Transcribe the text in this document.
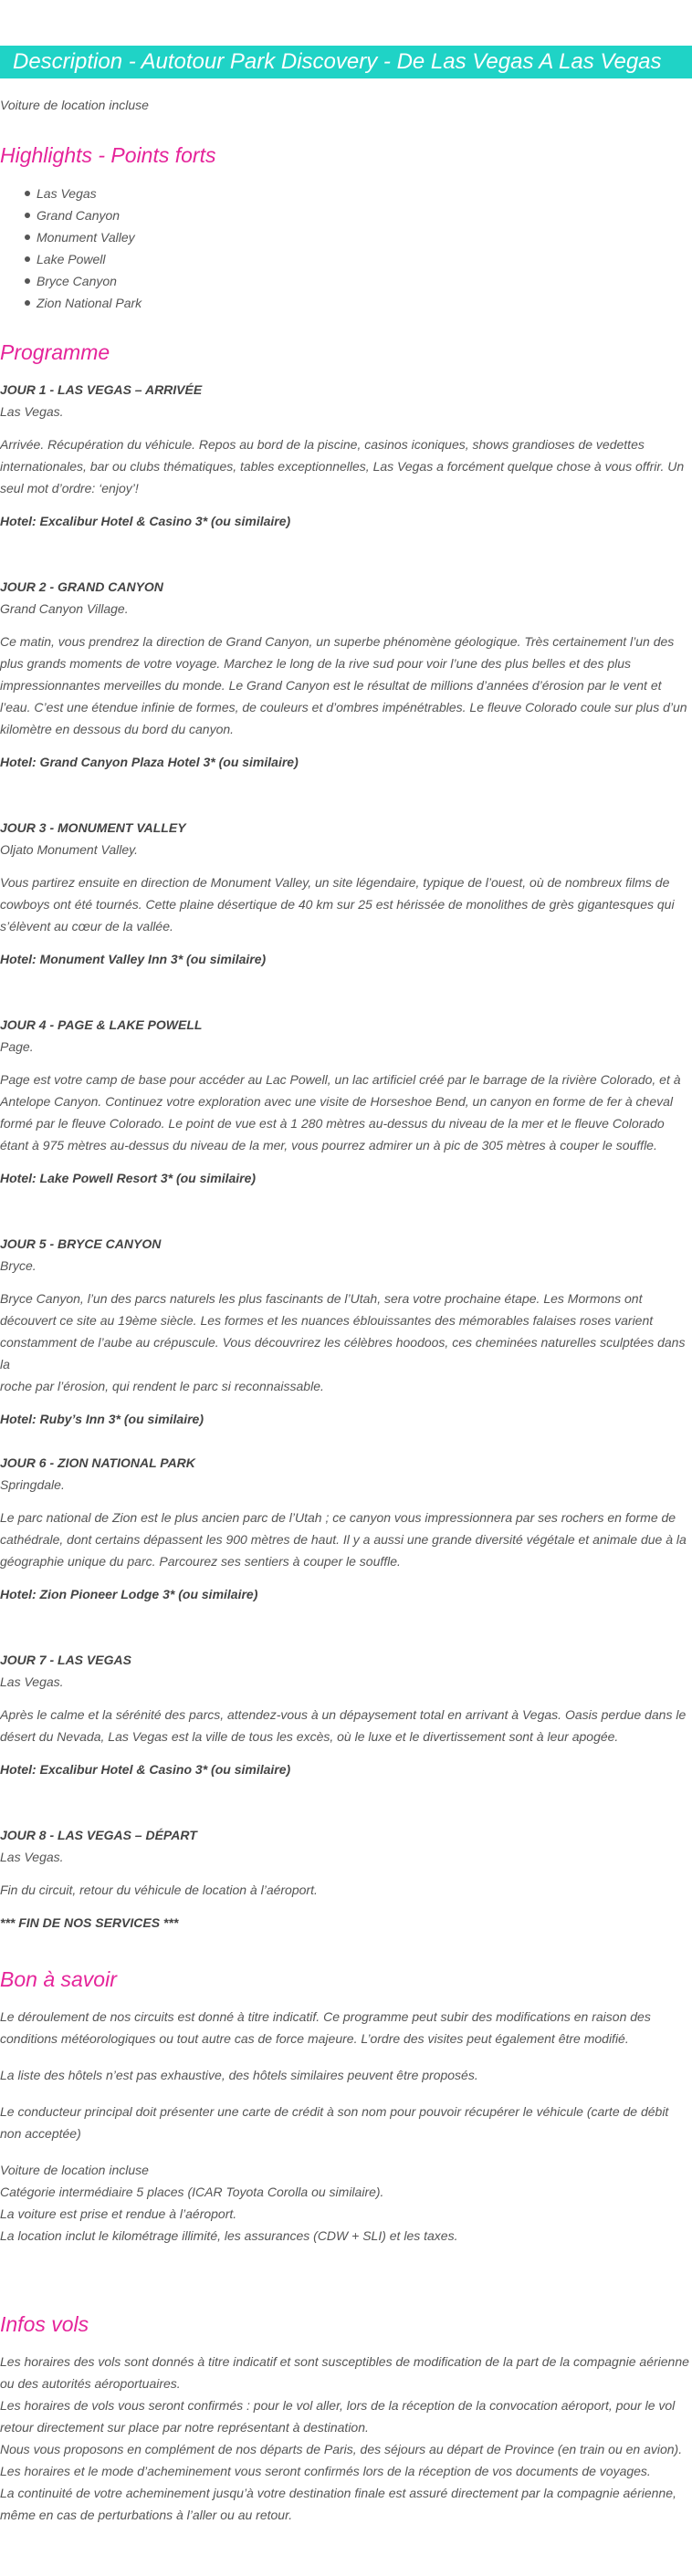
Description - Autotour Park Discovery - De Las Vegas A Las Vegas
Voiture de location incluse
Highlights - Points forts
Las Vegas
Grand Canyon
Monument Valley
Lake Powell
Bryce Canyon
Zion National Park
Programme
JOUR 1 - LAS VEGAS – ARRIVÉE
Las Vegas.
Arrivée. Récupération du véhicule. Repos au bord de la piscine, casinos iconiques, shows grandioses de vedettes
internationales, bar ou clubs thématiques, tables exceptionnelles, Las Vegas a forcément quelque chose à vous offrir. Un
seul mot d’ordre: ‘enjoy’!
Hotel: Excalibur Hotel & Casino 3* (ou similaire)
JOUR 2 - GRAND CANYON
Grand Canyon Village.
Ce matin, vous prendrez la direction de Grand Canyon, un superbe phénomène géologique. Très certainement l’un des
plus grands moments de votre voyage. Marchez le long de la rive sud pour voir l’une des plus belles et des plus
impressionnantes merveilles du monde. Le Grand Canyon est le résultat de millions d’années d’érosion par le vent et
l’eau. C’est une étendue infinie de formes, de couleurs et d’ombres impénétrables. Le fleuve Colorado coule sur plus d’un
kilomètre en dessous du bord du canyon.
Hotel: Grand Canyon Plaza Hotel 3* (ou similaire)
JOUR 3 - MONUMENT VALLEY
Oljato Monument Valley.
Vous partirez ensuite en direction de Monument Valley, un site légendaire, typique de l’ouest, où de nombreux films de
cowboys ont été tournés. Cette plaine désertique de 40 km sur 25 est hérissée de monolithes de grès gigantesques qui
s’élèvent au cœur de la vallée.
Hotel: Monument Valley Inn 3* (ou similaire)
JOUR 4 - PAGE & LAKE POWELL
Page.
Page est votre camp de base pour accéder au Lac Powell, un lac artificiel créé par le barrage de la rivière Colorado, et à
Antelope Canyon. Continuez votre exploration avec une visite de Horseshoe Bend, un canyon en forme de fer à cheval
formé par le fleuve Colorado. Le point de vue est à 1 280 mètres au-dessus du niveau de la mer et le fleuve Colorado
étant à 975 mètres au-dessus du niveau de la mer, vous pourrez admirer un à pic de 305 mètres à couper le souffle.
Hotel: Lake Powell Resort 3* (ou similaire)
JOUR 5 - BRYCE CANYON
Bryce.
Bryce Canyon, l’un des parcs naturels les plus fascinants de l’Utah, sera votre prochaine étape. Les Mormons ont
découvert ce site au 19ème siècle. Les formes et les nuances éblouissantes des mémorables falaises roses varient
constamment de l’aube au crépuscule. Vous découvrirez les célèbres hoodoos, ces cheminées naturelles sculptées dans la
roche par l’érosion, qui rendent le parc si reconnaissable.
Hotel: Ruby’s Inn 3* (ou similaire)
JOUR 6 - ZION NATIONAL PARK
Springdale.
Le parc national de Zion est le plus ancien parc de l’Utah ; ce canyon vous impressionnera par ses rochers en forme de
cathédrale, dont certains dépassent les 900 mètres de haut. Il y a aussi une grande diversité végétale et animale due à la
géographie unique du parc. Parcourez ses sentiers à couper le souffle.
Hotel: Zion Pioneer Lodge 3* (ou similaire)
JOUR 7 - LAS VEGAS
Las Vegas.
Après le calme et la sérénité des parcs, attendez-vous à un dépaysement total en arrivant à Vegas. Oasis perdue dans le
désert du Nevada, Las Vegas est la ville de tous les excès, où le luxe et le divertissement sont à leur apogée.
Hotel: Excalibur Hotel & Casino 3* (ou similaire)
JOUR 8 - LAS VEGAS – DÉPART
Las Vegas.
Fin du circuit, retour du véhicule de location à l’aéroport.
*** FIN DE NOS SERVICES ***
Bon à savoir
Le déroulement de nos circuits est donné à titre indicatif. Ce programme peut subir des modifications en raison des
conditions météorologiques ou tout autre cas de force majeure. L’ordre des visites peut également être modifié.
La liste des hôtels n’est pas exhaustive, des hôtels similaires peuvent être proposés.
Le conducteur principal doit présenter une carte de crédit à son nom pour pouvoir récupérer le véhicule (carte de débit
non acceptée)
Voiture de location incluse
Catégorie intermédiaire 5 places (ICAR Toyota Corolla ou similaire).
La voiture est prise et rendue à l’aéroport.
La location inclut le kilométrage illimité, les assurances (CDW + SLI) et les taxes.
Infos vols
Les horaires des vols sont donnés à titre indicatif et sont susceptibles de modification de la part de la compagnie aérienne
ou des autorités aéroportuaires.
Les horaires de vols vous seront confirmés : pour le vol aller, lors de la réception de la convocation aéroport, pour le vol
retour directement sur place par notre représentant à destination.
Nous vous proposons en complément de nos départs de Paris, des séjours au départ de Province (en train ou en avion).
Les horaires et le mode d’acheminement vous seront confirmés lors de la réception de vos documents de voyages.
La continuité de votre acheminement jusqu’à votre destination finale est assuré directement par la compagnie aérienne,
même en cas de perturbations à l’aller ou au retour.
